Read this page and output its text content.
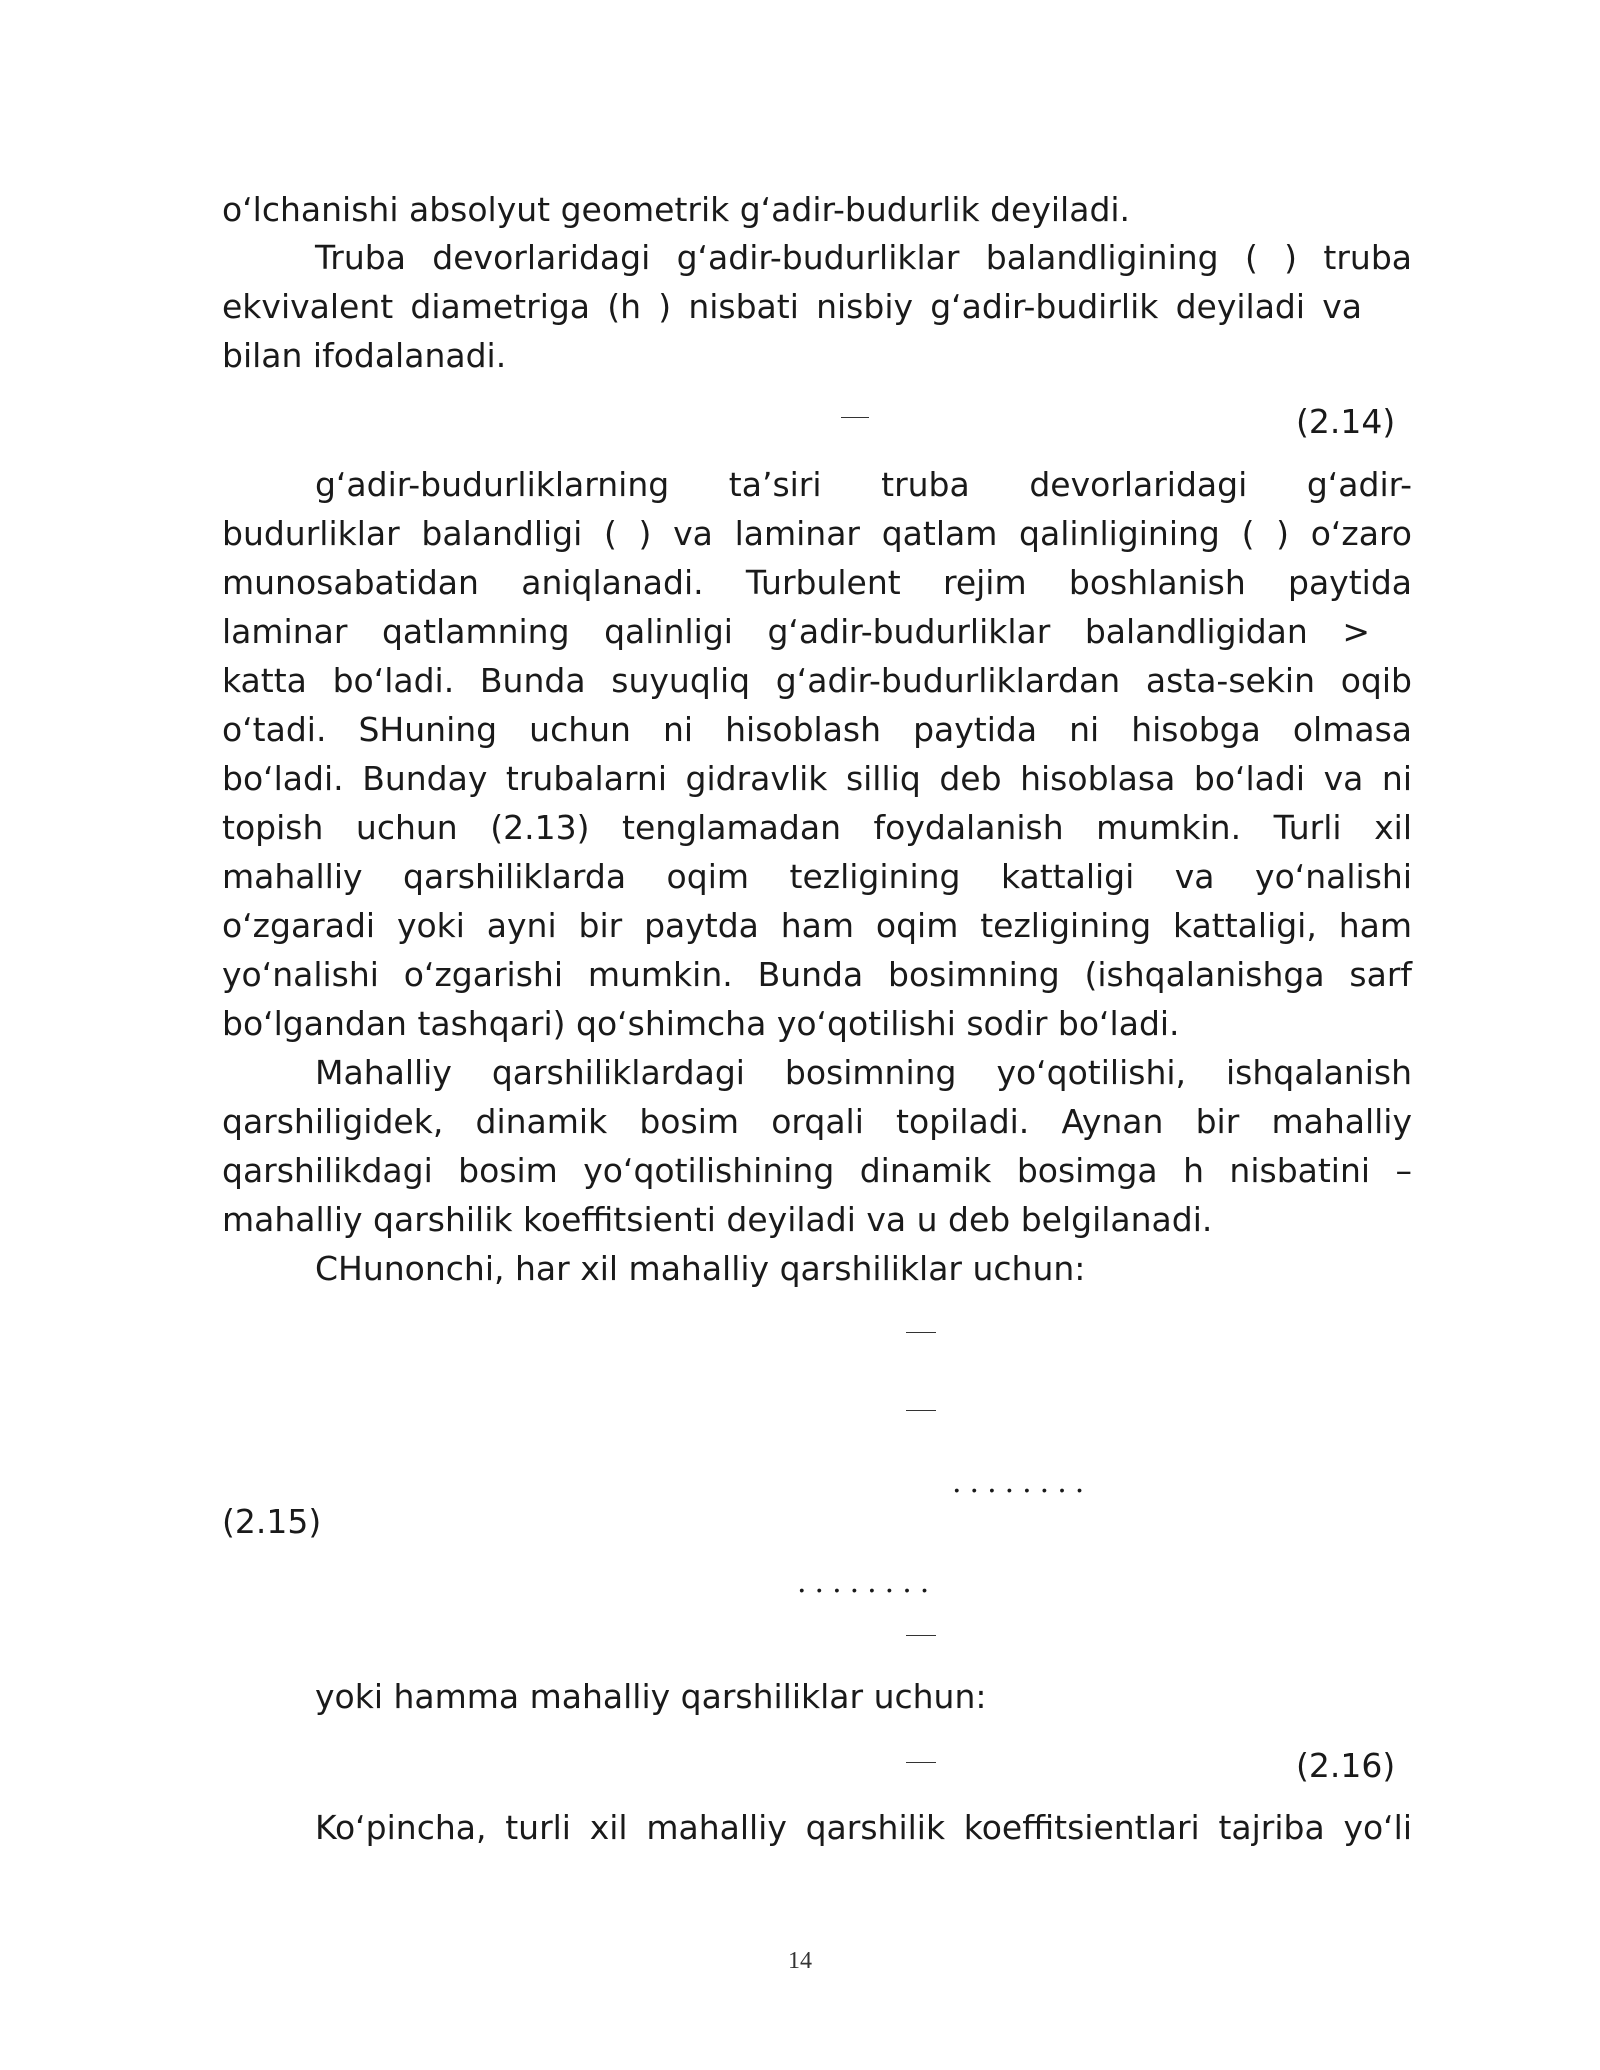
o‘lchanishi absolyut geometrik g‘adir-budurlik deyiladi.
Truba devorlaridagi g‘adir-budurliklar balandligining ( ) truba
ekvivalent diametriga (h ) nisbati nisbiy g‘adir-budirlik deyiladi va
bilan ifodalanadi.
(2.14)
g‘adir-budurliklarning ta’siri truba devorlaridagi g‘adir-
budurliklar balandligi ( ) va laminar qatlam qalinligining ( ) o‘zaro
munosabatidan aniqlanadi. Turbulent rejim boshlanish paytida
laminar qatlamning qalinligi g‘adir-budurliklar balandligidan >
katta bo‘ladi. Bunda suyuqliq g‘adir-budurliklardan asta-sekin oqib
o‘tadi. SHuning uchun ni hisoblash paytida ni hisobga olmasa
bo‘ladi. Bunday trubalarni gidravlik silliq deb hisoblasa bo‘ladi va ni
topish uchun (2.13) tenglamadan foydalanish mumkin. Turli xil
mahalliy qarshiliklarda oqim tezligining kattaligi va yo‘nalishi
o‘zgaradi yoki ayni bir paytda ham oqim tezligining kattaligi, ham
yo‘nalishi o‘zgarishi mumkin. Bunda bosimning (ishqalanishga sarf
bo‘lgandan tashqari) qo‘shimcha yo‘qotilishi sodir bo‘ladi.
Mahalliy qarshiliklardagi bosimning yo‘qotilishi, ishqalanish
qarshiligidek, dinamik bosim orqali topiladi. Aynan bir mahalliy
qarshilikdagi bosim yo‘qotilishining dinamik bosimga h nisbatini –
mahalliy qarshilik koeffitsienti deyiladi va u deb belgilanadi.
CHunonchi, har xil mahalliy qarshiliklar uchun:
........
(2.15)
........
yoki hamma mahalliy qarshiliklar uchun:
(2.16)
Ko‘pincha, turli xil mahalliy qarshilik koeffitsientlari tajriba yo‘li
14
